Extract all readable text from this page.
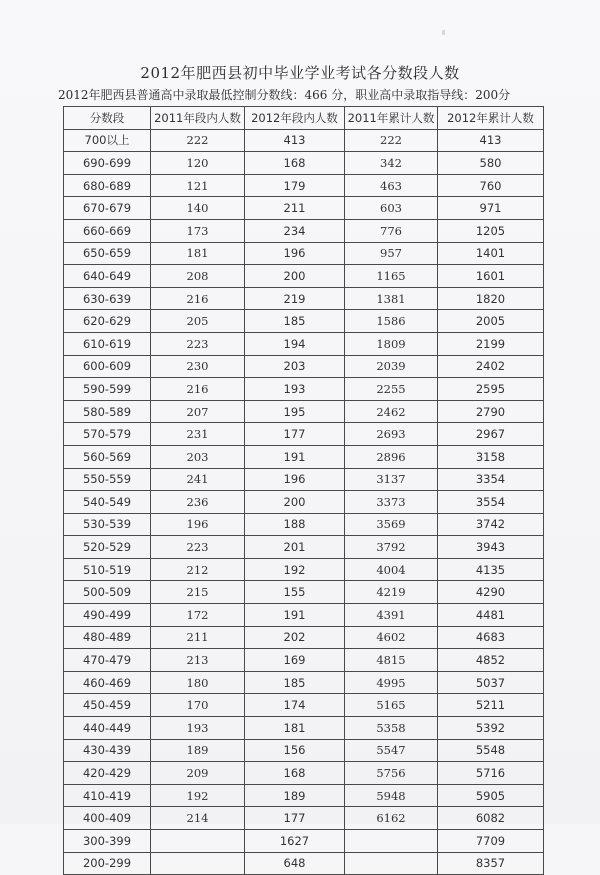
2012年肥西县初中毕业学业考试各分数段人数
2012年肥西县普通高中录取最低控制分数线：466 分，职业高中录取指导线：200分
分数段	2011年段内人数	2012年段内人数	2011年累计人数	2012年累计人数
700以上	222	413	222	413
690-699	120	168	342	580
680-689	121	179	463	760
670-679	140	211	603	971
660-669	173	234	776	1205
650-659	181	196	957	1401
640-649	208	200	1165	1601
630-639	216	219	1381	1820
620-629	205	185	1586	2005
610-619	223	194	1809	2199
600-609	230	203	2039	2402
590-599	216	193	2255	2595
580-589	207	195	2462	2790
570-579	231	177	2693	2967
560-569	203	191	2896	3158
550-559	241	196	3137	3354
540-549	236	200	3373	3554
530-539	196	188	3569	3742
520-529	223	201	3792	3943
510-519	212	192	4004	4135
500-509	215	155	4219	4290
490-499	172	191	4391	4481
480-489	211	202	4602	4683
470-479	213	169	4815	4852
460-469	180	185	4995	5037
450-459	170	174	5165	5211
440-449	193	181	5358	5392
430-439	189	156	5547	5548
420-429	209	168	5756	5716
410-419	192	189	5948	5905
400-409	214	177	6162	6082
300-399		1627		7709
200-299		648		8357
